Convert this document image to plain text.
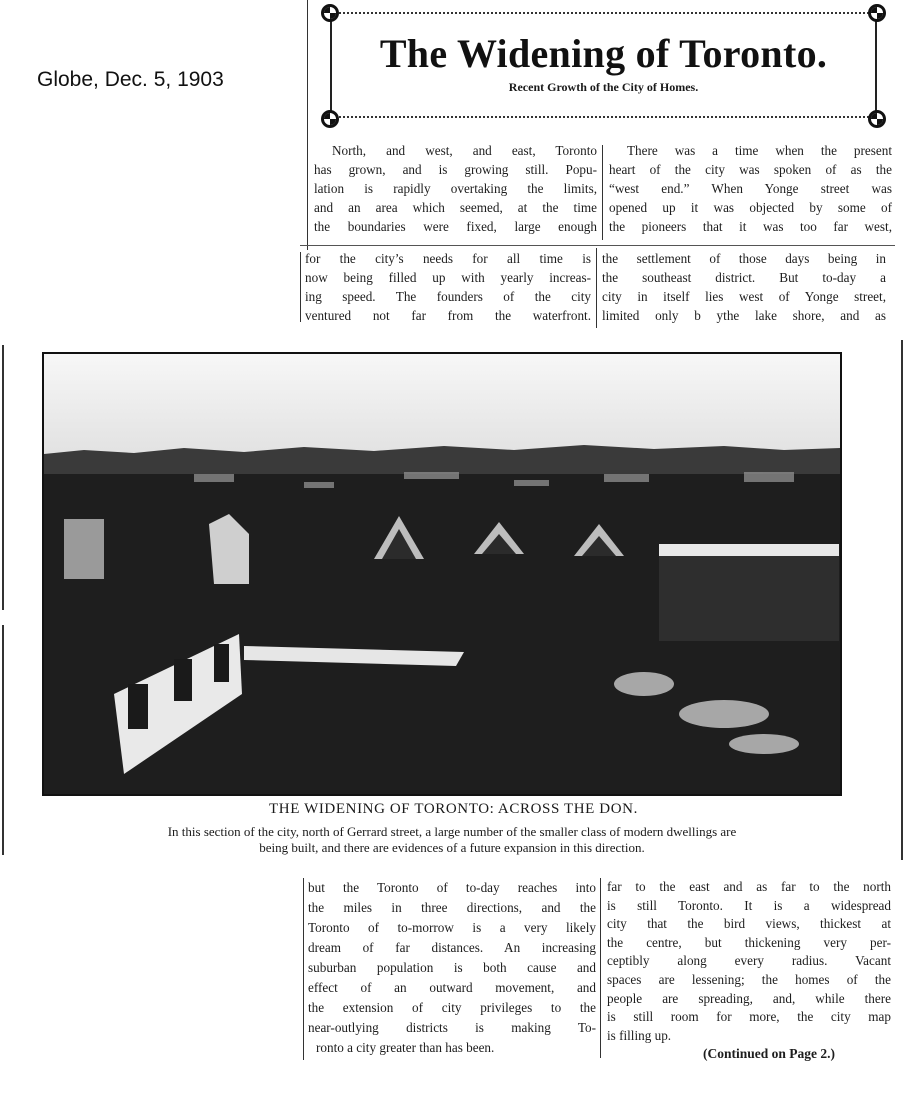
Globe, Dec. 5, 1903
The Widening of Toronto.
Recent Growth of the City of Homes.
North, and west, and east, Toronto
has grown, and is growing still. Popu-
lation is rapidly overtaking the limits,
and an area which seemed, at the time
the boundaries were fixed, large enough
There was a time when the present
heart of the city was spoken of as the
“west end.” When Yonge street was
opened up it was objected by some of
the pioneers that it was too far west,
for the city’s needs for all time is
now being filled up with yearly increas-
ing speed. The founders of the city
ventured not far from the waterfront.
the settlement of those days being in
the southeast district. But to-day a
city in itself lies west of Yonge street,
limited only b ythe lake shore, and as
THE WIDENING OF TORONTO: ACROSS THE DON.
In this section of the city, north of Gerrard street, a large number of the smaller class of modern dwellings are
being built, and there are evidences of a future expansion in this direction.
but the Toronto of to-day reaches into
the miles in three directions, and the
Toronto of to-morrow is a very likely
dream of far distances. An increasing
suburban population is both cause and
effect of an outward movement, and
the extension of city privileges to the
near-outlying districts is making To-
ronto a city greater than has been.
far to the east and as far to the north
is still Toronto. It is a widespread
city that the bird views, thickest at
the centre, but thickening very per-
ceptibly along every radius. Vacant
spaces are lessening; the homes of the
people are spreading, and, while there
is still room for more, the city map
is filling up.
(Continued on Page 2.)
